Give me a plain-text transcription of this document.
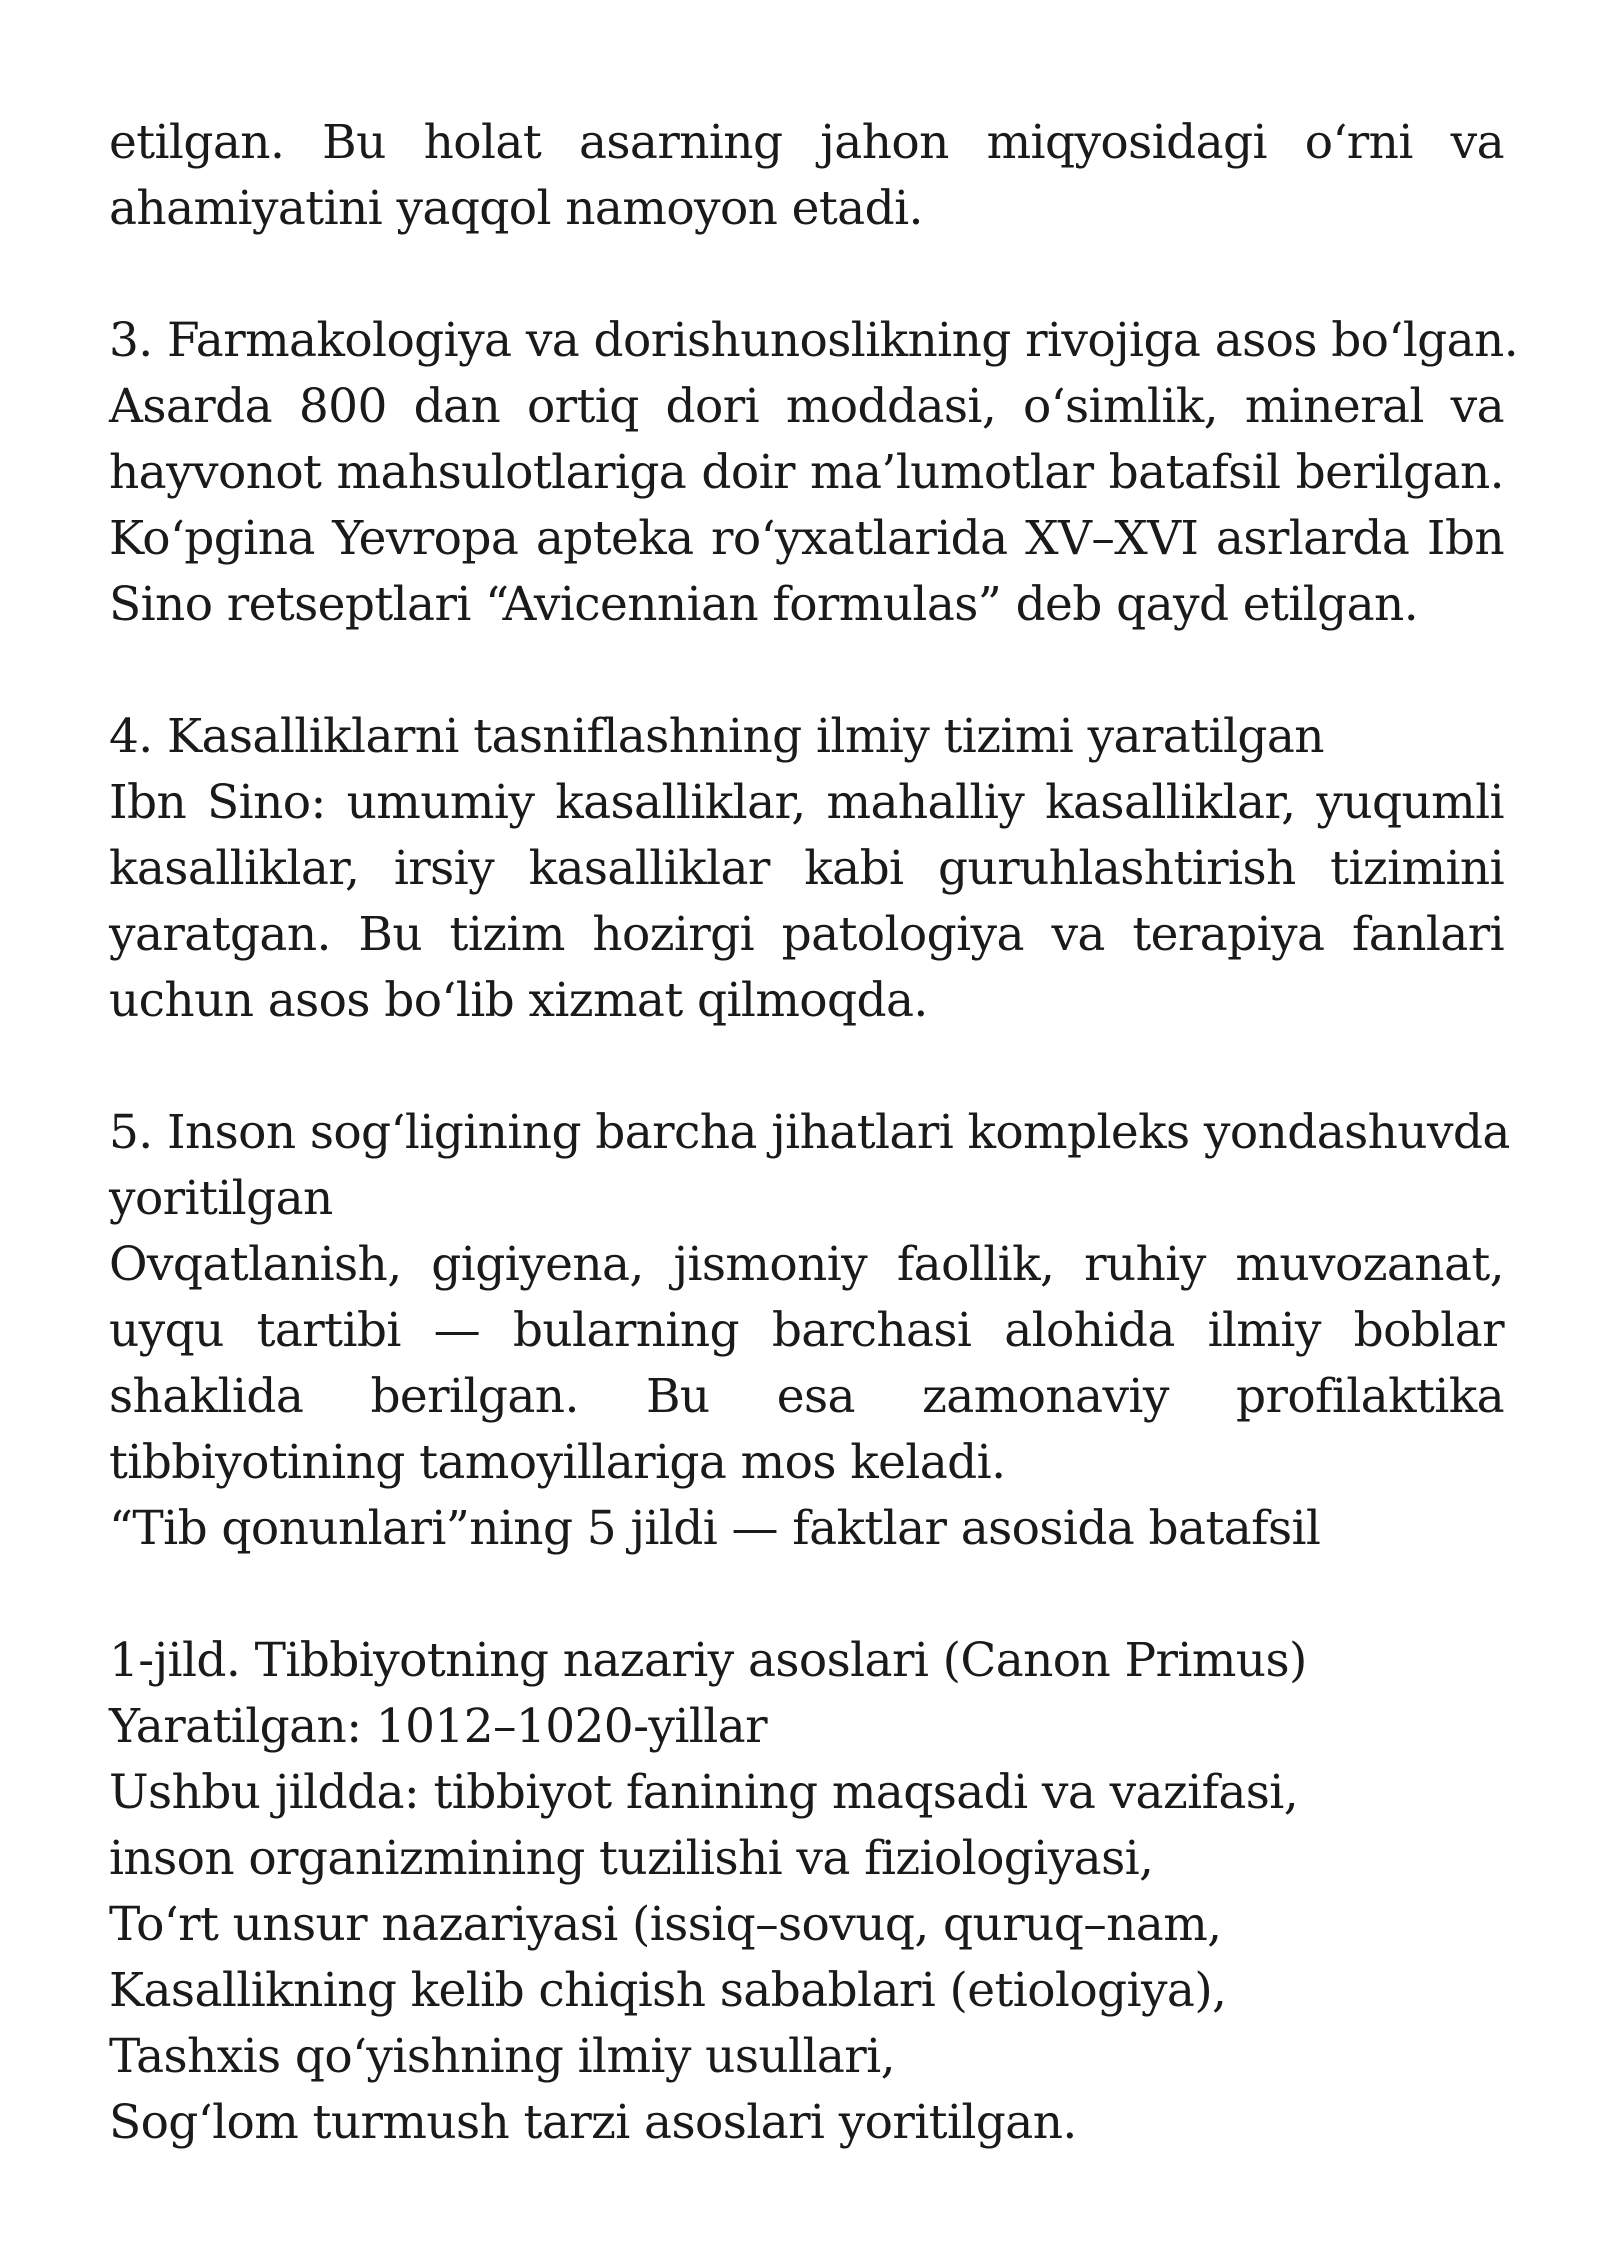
etilgan. Bu holat asarning jahon miqyosidagi o‘rni va
ahamiyatini yaqqol namoyon etadi.
3. Farmakologiya va dorishunoslikning rivojiga asos bo‘lgan.
Asarda 800 dan ortiq dori moddasi, o‘simlik, mineral va
hayvonot mahsulotlariga doir ma’lumotlar batafsil berilgan.
Ko‘pgina Yevropa apteka ro‘yxatlarida XV–XVI asrlarda Ibn
Sino retseptlari “Avicennian formulas” deb qayd etilgan.
4. Kasalliklarni tasniflashning ilmiy tizimi yaratilgan
Ibn Sino: umumiy kasalliklar, mahalliy kasalliklar, yuqumli
kasalliklar, irsiy kasalliklar kabi guruhlashtirish tizimini
yaratgan. Bu tizim hozirgi patologiya va terapiya fanlari
uchun asos bo‘lib xizmat qilmoqda.
5. Inson sog‘ligining barcha jihatlari kompleks yondashuvda
yoritilgan
Ovqatlanish, gigiyena, jismoniy faollik, ruhiy muvozanat,
uyqu tartibi — bularning barchasi alohida ilmiy boblar
shaklida berilgan. Bu esa zamonaviy profilaktika
tibbiyotining tamoyillariga mos keladi.
“Tib qonunlari”ning 5 jildi — faktlar asosida batafsil
1-jild. Tibbiyotning nazariy asoslari (Canon Primus)
Yaratilgan: 1012–1020-yillar
Ushbu jildda: tibbiyot fanining maqsadi va vazifasi,
inson organizmining tuzilishi va fiziologiyasi,
To‘rt unsur nazariyasi (issiq–sovuq, quruq–nam,
Kasallikning kelib chiqish sabablari (etiologiya),
Tashxis qo‘yishning ilmiy usullari,
Sog‘lom turmush tarzi asoslari yoritilgan.
